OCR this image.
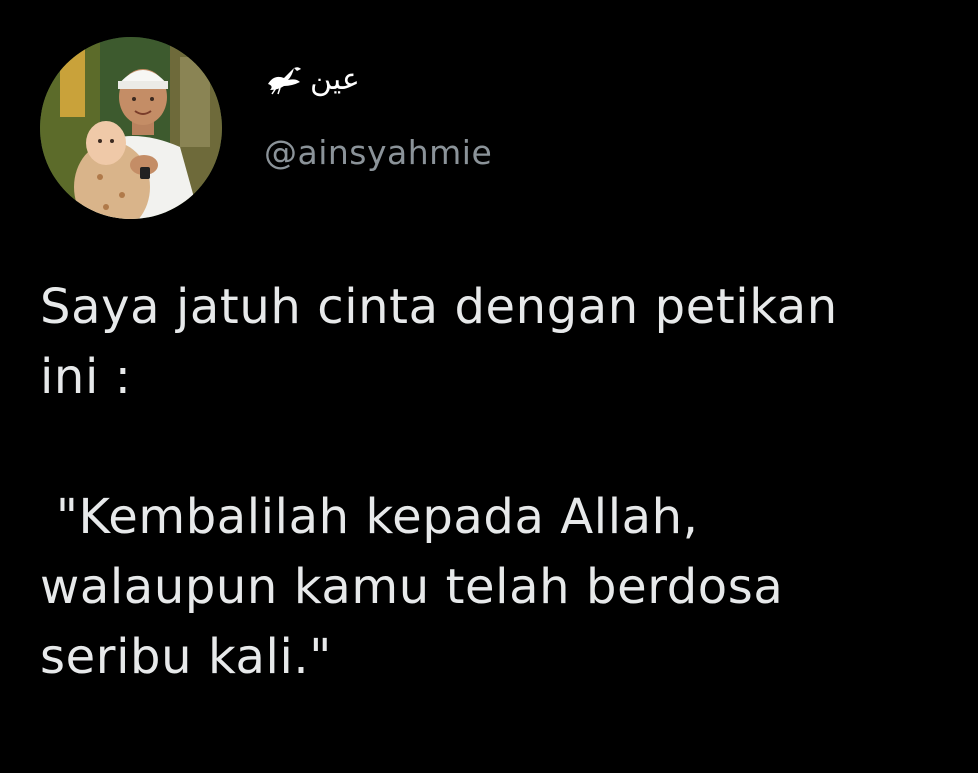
عين
@ainsyahmie
Saya jatuh cinta dengan petikan
ini :

"Kembalilah kepada Allah,
walaupun kamu telah berdosa
seribu kali."
